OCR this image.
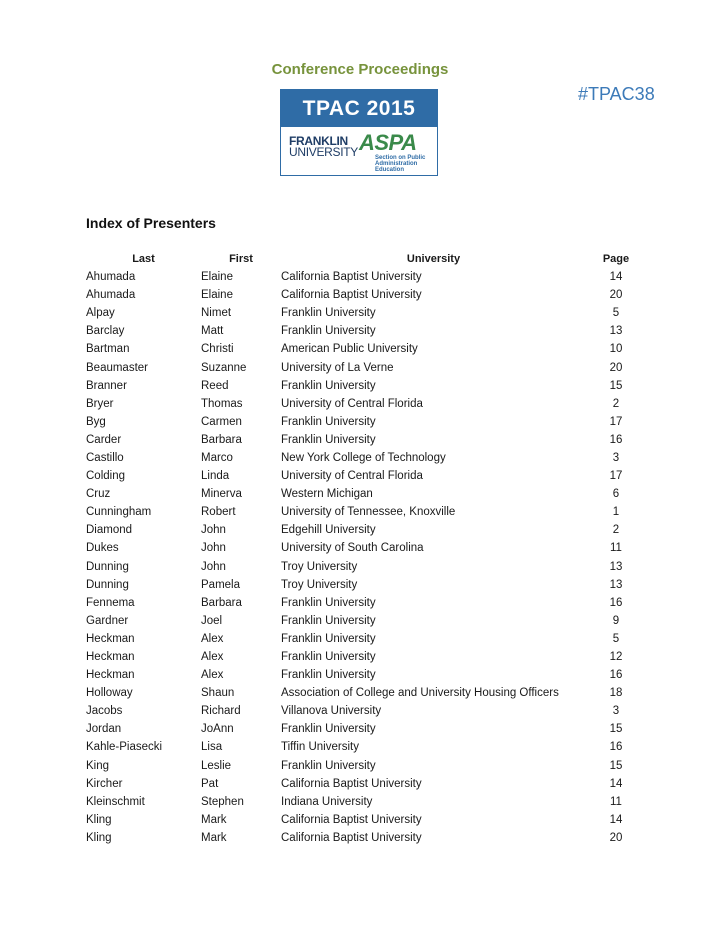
Conference Proceedings

#TPAC38

TPAC 2015
FRANKLIN
UNIVERSITY ASPA
Section on Public
Administration Education
Index of Presenters
Last	First	University	Page
Ahumada	Elaine	California Baptist University	14
Ahumada	Elaine	California Baptist University	20
Alpay	Nimet	Franklin University	5
Barclay	Matt	Franklin University	13
Bartman	Christi	American Public University	10
Beaumaster	Suzanne	University of La Verne	20
Branner	Reed	Franklin University	15
Bryer	Thomas	University of Central Florida	2
Byg	Carmen	Franklin University	17
Carder	Barbara	Franklin University	16
Castillo	Marco	New York College of Technology	3
Colding	Linda	University of Central Florida	17
Cruz	Minerva	Western Michigan	6
Cunningham	Robert	University of Tennessee, Knoxville	1
Diamond	John	Edgehill University	2
Dukes	John	University of South Carolina	11
Dunning	John	Troy University	13
Dunning	Pamela	Troy University	13
Fennema	Barbara	Franklin University	16
Gardner	Joel	Franklin University	9
Heckman	Alex	Franklin University	5
Heckman	Alex	Franklin University	12
Heckman	Alex	Franklin University	16
Holloway	Shaun	Association of College and University Housing Officers	18
Jacobs	Richard	Villanova University	3
Jordan	JoAnn	Franklin University	15
Kahle-Piasecki	Lisa	Tiffin University	16
King	Leslie	Franklin University	15
Kircher	Pat	California Baptist University	14
Kleinschmit	Stephen	Indiana University	11
Kling	Mark	California Baptist University	14
Kling	Mark	California Baptist University	20
